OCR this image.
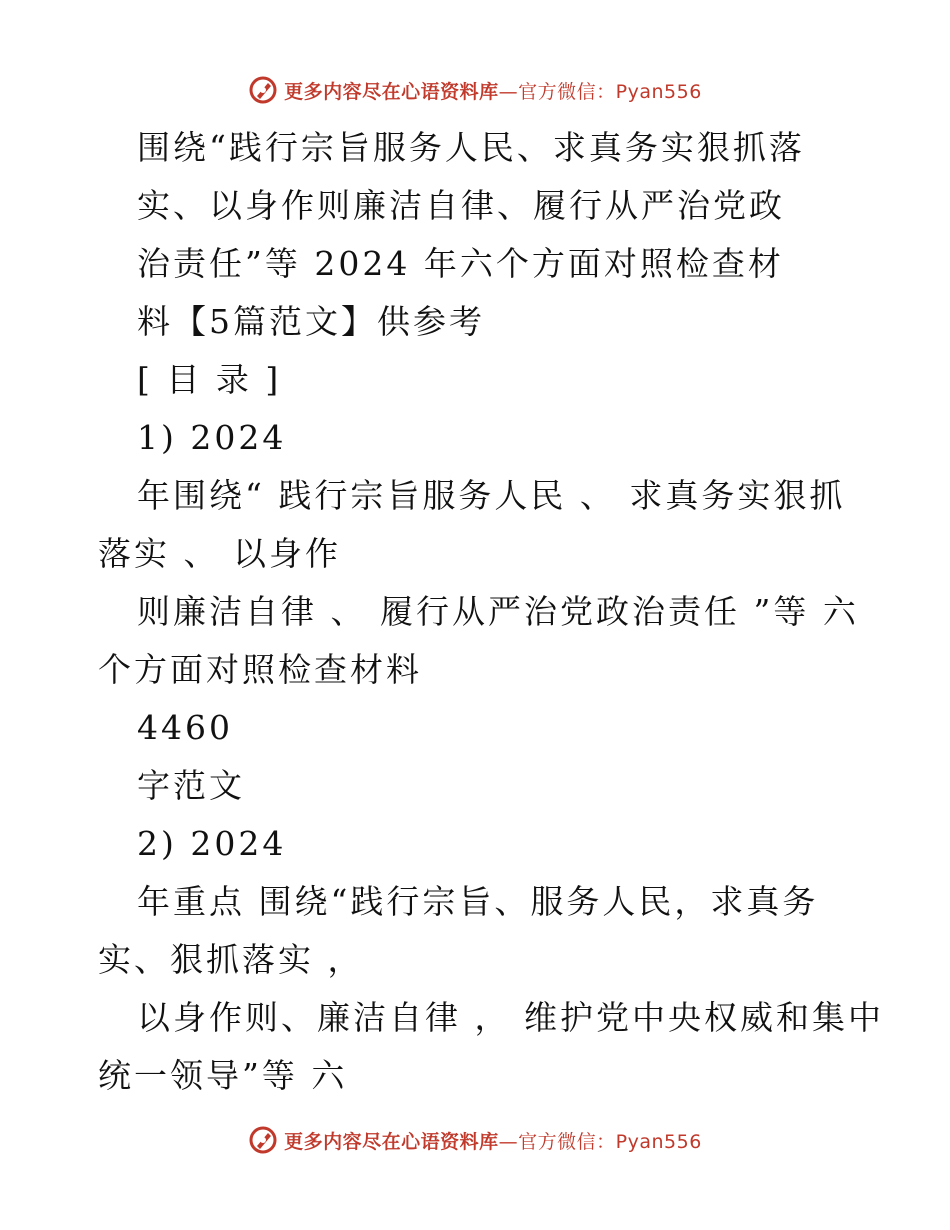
更多内容尽在心语资料库—官方微信：Pyan556
围绕“践行宗旨服务人民、求真务实狠抓落
实、以身作则廉洁自律、履行从严治党政
治责任”等 2024 年六个方面对照检查材
料【5篇范文】供参考
[ 目 录 ]
1) 2024
年围绕“ 践行宗旨服务人民 、 求真务实狠抓
落实 、 以身作
则廉洁自律 、 履行从严治党政治责任 ”等 六
个方面对照检查材料
4460
字范文
2) 2024
年重点 围绕“践行宗旨、服务人民，求真务
实、狠抓落实 ，
以身作则、廉洁自律 ， 维护党中央权威和集中
统一领导”等 六
更多内容尽在心语资料库—官方微信：Pyan556
